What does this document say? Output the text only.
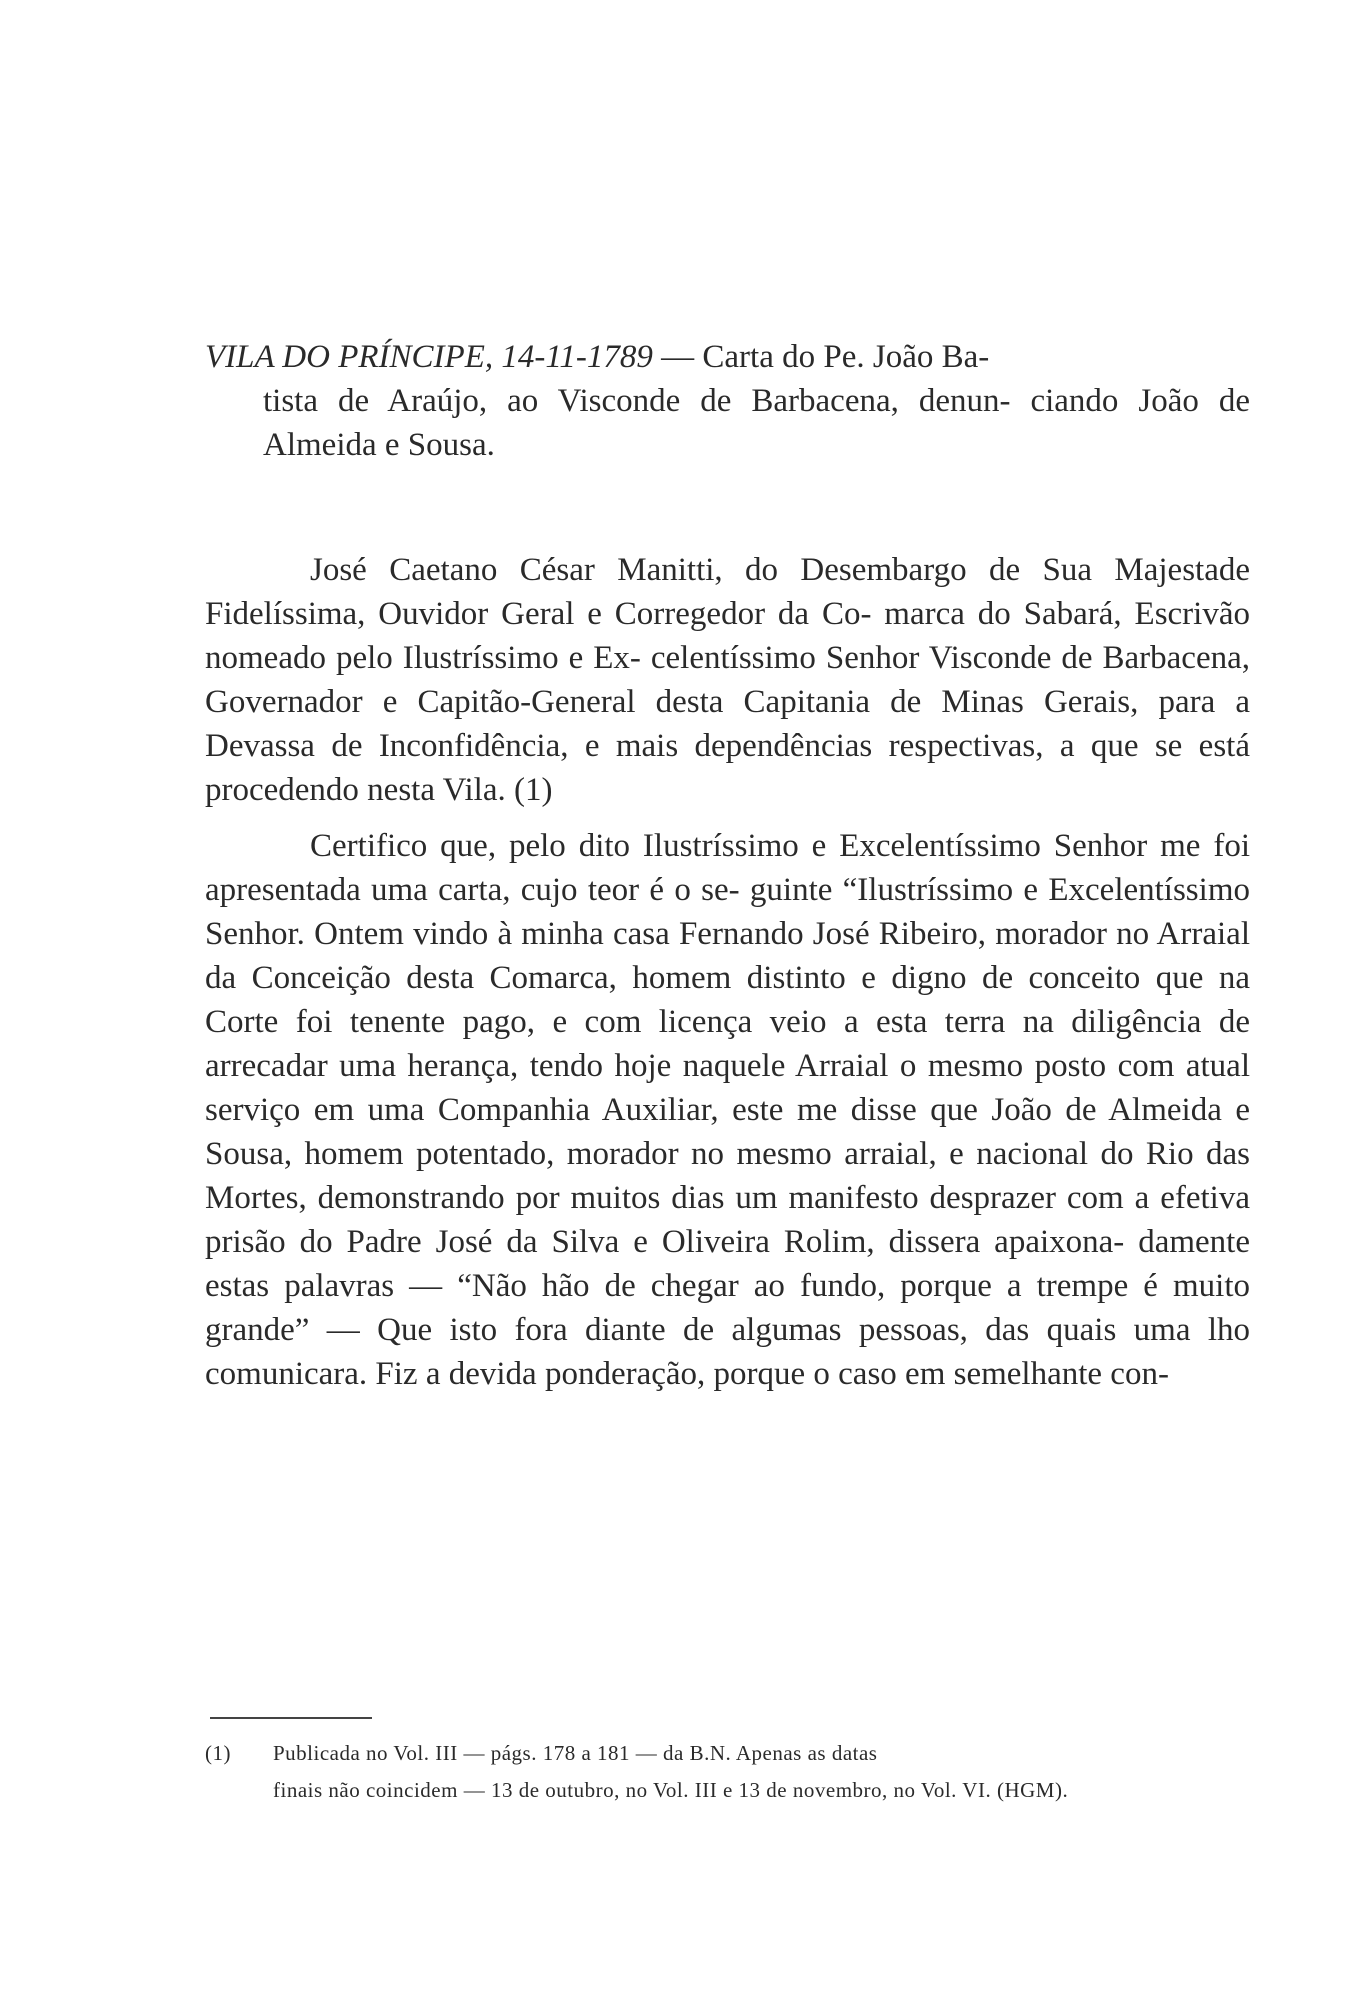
VILA DO PRÍNCIPE, 14-11-1789 — Carta do Pe. João Ba-
tista de Araújo, ao Visconde de Barbacena, denun- ciando João de Almeida e Sousa.

José Caetano César Manitti, do Desembargo de Sua Majestade Fidelíssima, Ouvidor Geral e Corregedor da Co- marca do Sabará, Escrivão nomeado pelo Ilustríssimo e Ex- celentíssimo Senhor Visconde de Barbacena, Governador e Capitão-General desta Capitania de Minas Gerais, para a Devassa de Inconfidência, e mais dependências respectivas, a que se está procedendo nesta Vila. (1)

Certifico que, pelo dito Ilustríssimo e Excelentíssimo Senhor me foi apresentada uma carta, cujo teor é o se- guinte “Ilustríssimo e Excelentíssimo Senhor. Ontem vindo à minha casa Fernando José Ribeiro, morador no Arraial da Conceição desta Comarca, homem distinto e digno de conceito que na Corte foi tenente pago, e com licença veio a esta terra na diligência de arrecadar uma herança, tendo hoje naquele Arraial o mesmo posto com atual serviço em uma Companhia Auxiliar, este me disse que João de Almeida e Sousa, homem potentado, morador no mesmo arraial, e nacional do Rio das Mortes, demonstrando por muitos dias um manifesto desprazer com a efetiva prisão do Padre José da Silva e Oliveira Rolim, dissera apaixona- damente estas palavras — “Não hão de chegar ao fundo, porque a trempe é muito grande” — Que isto fora diante de algumas pessoas, das quais uma lho comunicara. Fiz a devida ponderação, porque o caso em semelhante con-

(1) Publicada no Vol. III — págs. 178 a 181 — da B.N. Apenas as datas
finais não coincidem — 13 de outubro, no Vol. III e 13 de novembro, no Vol. VI. (HGM).
